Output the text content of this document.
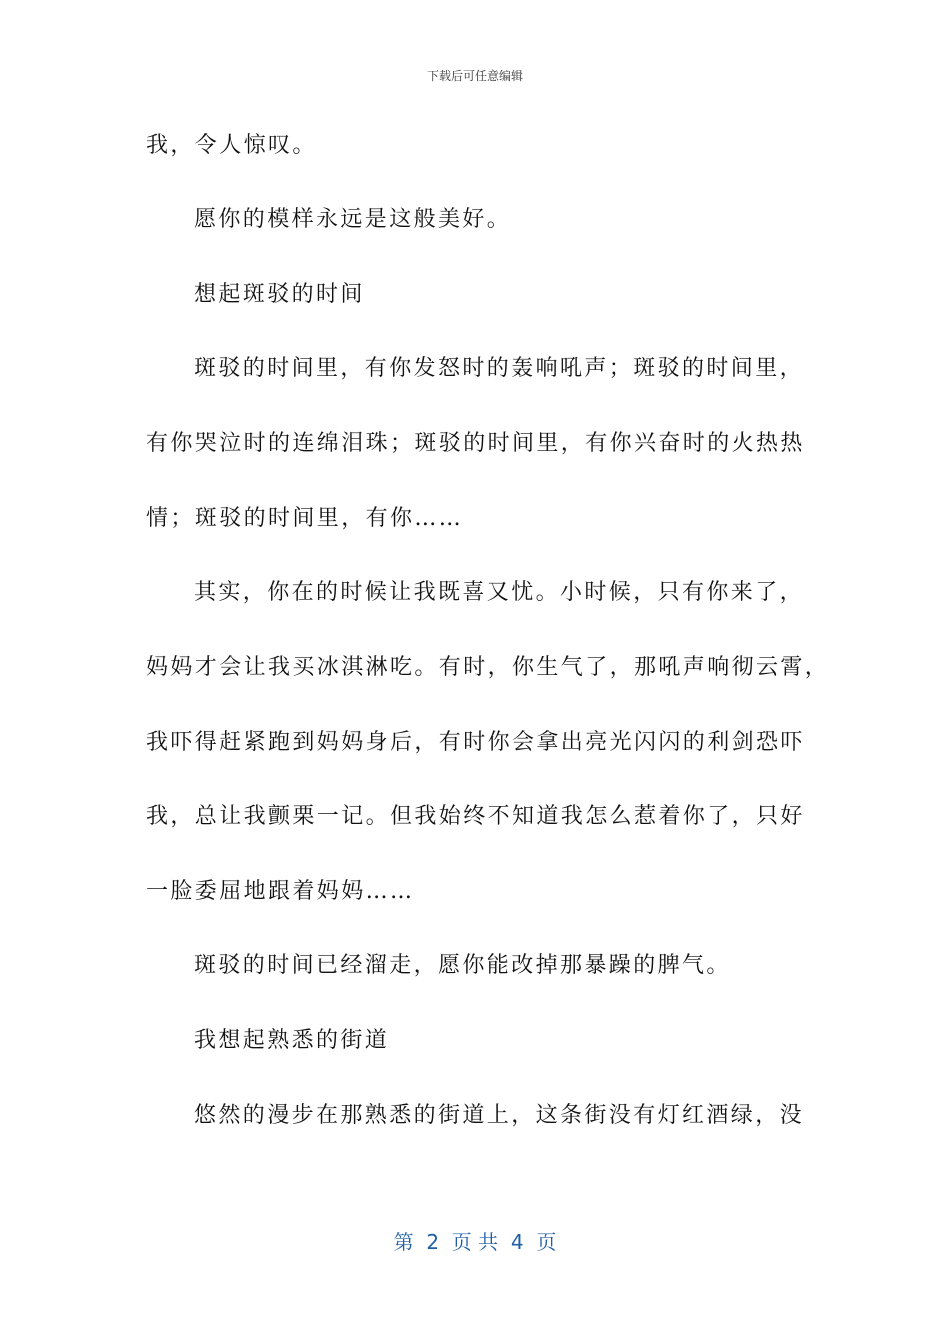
下载后可任意编辑
我，令人惊叹。
愿你的模样永远是这般美好。
想起斑驳的时间
斑驳的时间里，有你发怒时的轰响吼声；斑驳的时间里，
有你哭泣时的连绵泪珠；斑驳的时间里，有你兴奋时的火热热
情；斑驳的时间里，有你……
其实，你在的时候让我既喜又忧。小时候，只有你来了，
妈妈才会让我买冰淇淋吃。有时，你生气了，那吼声响彻云霄，
我吓得赶紧跑到妈妈身后，有时你会拿出亮光闪闪的利剑恐吓
我，总让我颤栗一记。但我始终不知道我怎么惹着你了，只好
一脸委屈地跟着妈妈……
斑驳的时间已经溜走，愿你能改掉那暴躁的脾气。
我想起熟悉的街道
悠然的漫步在那熟悉的街道上，这条街没有灯红酒绿，没
第  2  页 共  4  页
